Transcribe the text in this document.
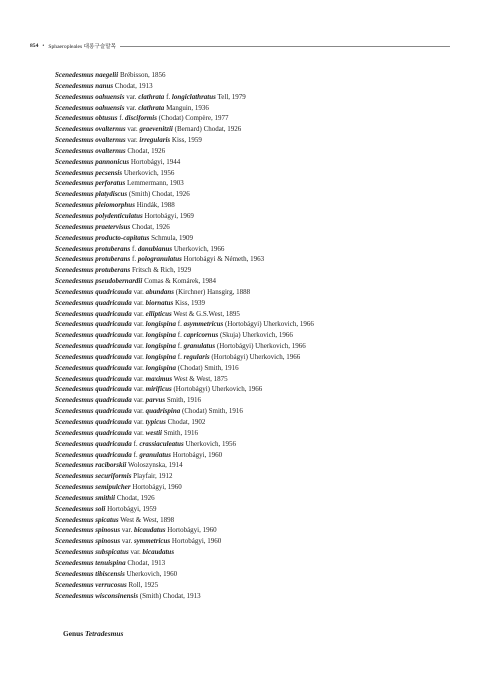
854 • Sphaeropleales 대롱구슬말목
Scenedesmus naegelii Brébisson, 1856
Scenedesmus nanus Chodat, 1913
Scenedesmus oahuensis var. clathrata f. longiclathratus Tell, 1979
Scenedesmus oahuensis var. clathrata Manguin, 1936
Scenedesmus obtusus f. disciformis (Chodat) Compère, 1977
Scenedesmus ovalternus var. graevenitzii (Bernard) Chodat, 1926
Scenedesmus ovalternus var. irregularis Kiss, 1959
Scenedesmus ovalternus Chodat, 1926
Scenedesmus pannonicus Hortobágyi, 1944
Scenedesmus pecsensis Uherkovich, 1956
Scenedesmus perforatus Lemmermann, 1903
Scenedesmus platydiscus (Smith) Chodat, 1926
Scenedesmus pleiomorphus Hindák, 1988
Scenedesmus polydenticulatus Hortobágyi, 1969
Scenedesmus praetervisus Chodat, 1926
Scenedesmus producto-capitatus Schmula, 1909
Scenedesmus protuberans f. danubianus Uherkovich, 1966
Scenedesmus protuberans f. pologranulatus Hortobágyi & Németh, 1963
Scenedesmus protuberans Fritsch & Rich, 1929
Scenedesmus pseudobernardii Comas & Komárek, 1984
Scenedesmus quadricauda var. abundans (Kirchner) Hansgirg, 1888
Scenedesmus quadricauda var. biornatus Kiss, 1939
Scenedesmus quadricauda var. ellipticus West & G.S.West, 1895
Scenedesmus quadricauda var. longispina f. asymmetricus (Hortobágyi) Uherkovich, 1966
Scenedesmus quadricauda var. longispina f. capricornus (Skuja) Uherkovich, 1966
Scenedesmus quadricauda var. longispina f. granulatus (Hortobágyi) Uherkovich, 1966
Scenedesmus quadricauda var. longispina f. regularis (Hortobágyi) Uherkovich, 1966
Scenedesmus quadricauda var. longispina (Chodat) Smith, 1916
Scenedesmus quadricauda var. maximus West & West, 1875
Scenedesmus quadricauda var. mirificus (Hortobágyi) Uherkovich, 1966
Scenedesmus quadricauda var. parvus Smith, 1916
Scenedesmus quadricauda var. quadrispina (Chodat) Smith, 1916
Scenedesmus quadricauda var. typicus Chodat, 1902
Scenedesmus quadricauda var. westii Smith, 1916
Scenedesmus quadricauda f. crassiaculeatus Uherkovich, 1956
Scenedesmus quadricauda f. granulatus Hortobágyi, 1960
Scenedesmus raciborskii Woloszynska, 1914
Scenedesmus securiformis Playfair, 1912
Scenedesmus semipulcher Hortobágyi, 1960
Scenedesmus smithii Chodat, 1926
Scenedesmus soli Hortobágyi, 1959
Scenedesmus spicatus West & West, 1898
Scenedesmus spinosus var. bicaudatus Hortobágyi, 1960
Scenedesmus spinosus var. symmetricus Hortobágyi, 1960
Scenedesmus subspicatus var. bicaudatus
Scenedesmus tenuispina Chodat, 1913
Scenedesmus tibiscensis Uherkovich, 1960
Scenedesmus verrucosus Roll, 1925
Scenedesmus wisconsinensis (Smith) Chodat, 1913
Genus Tetradesmus
